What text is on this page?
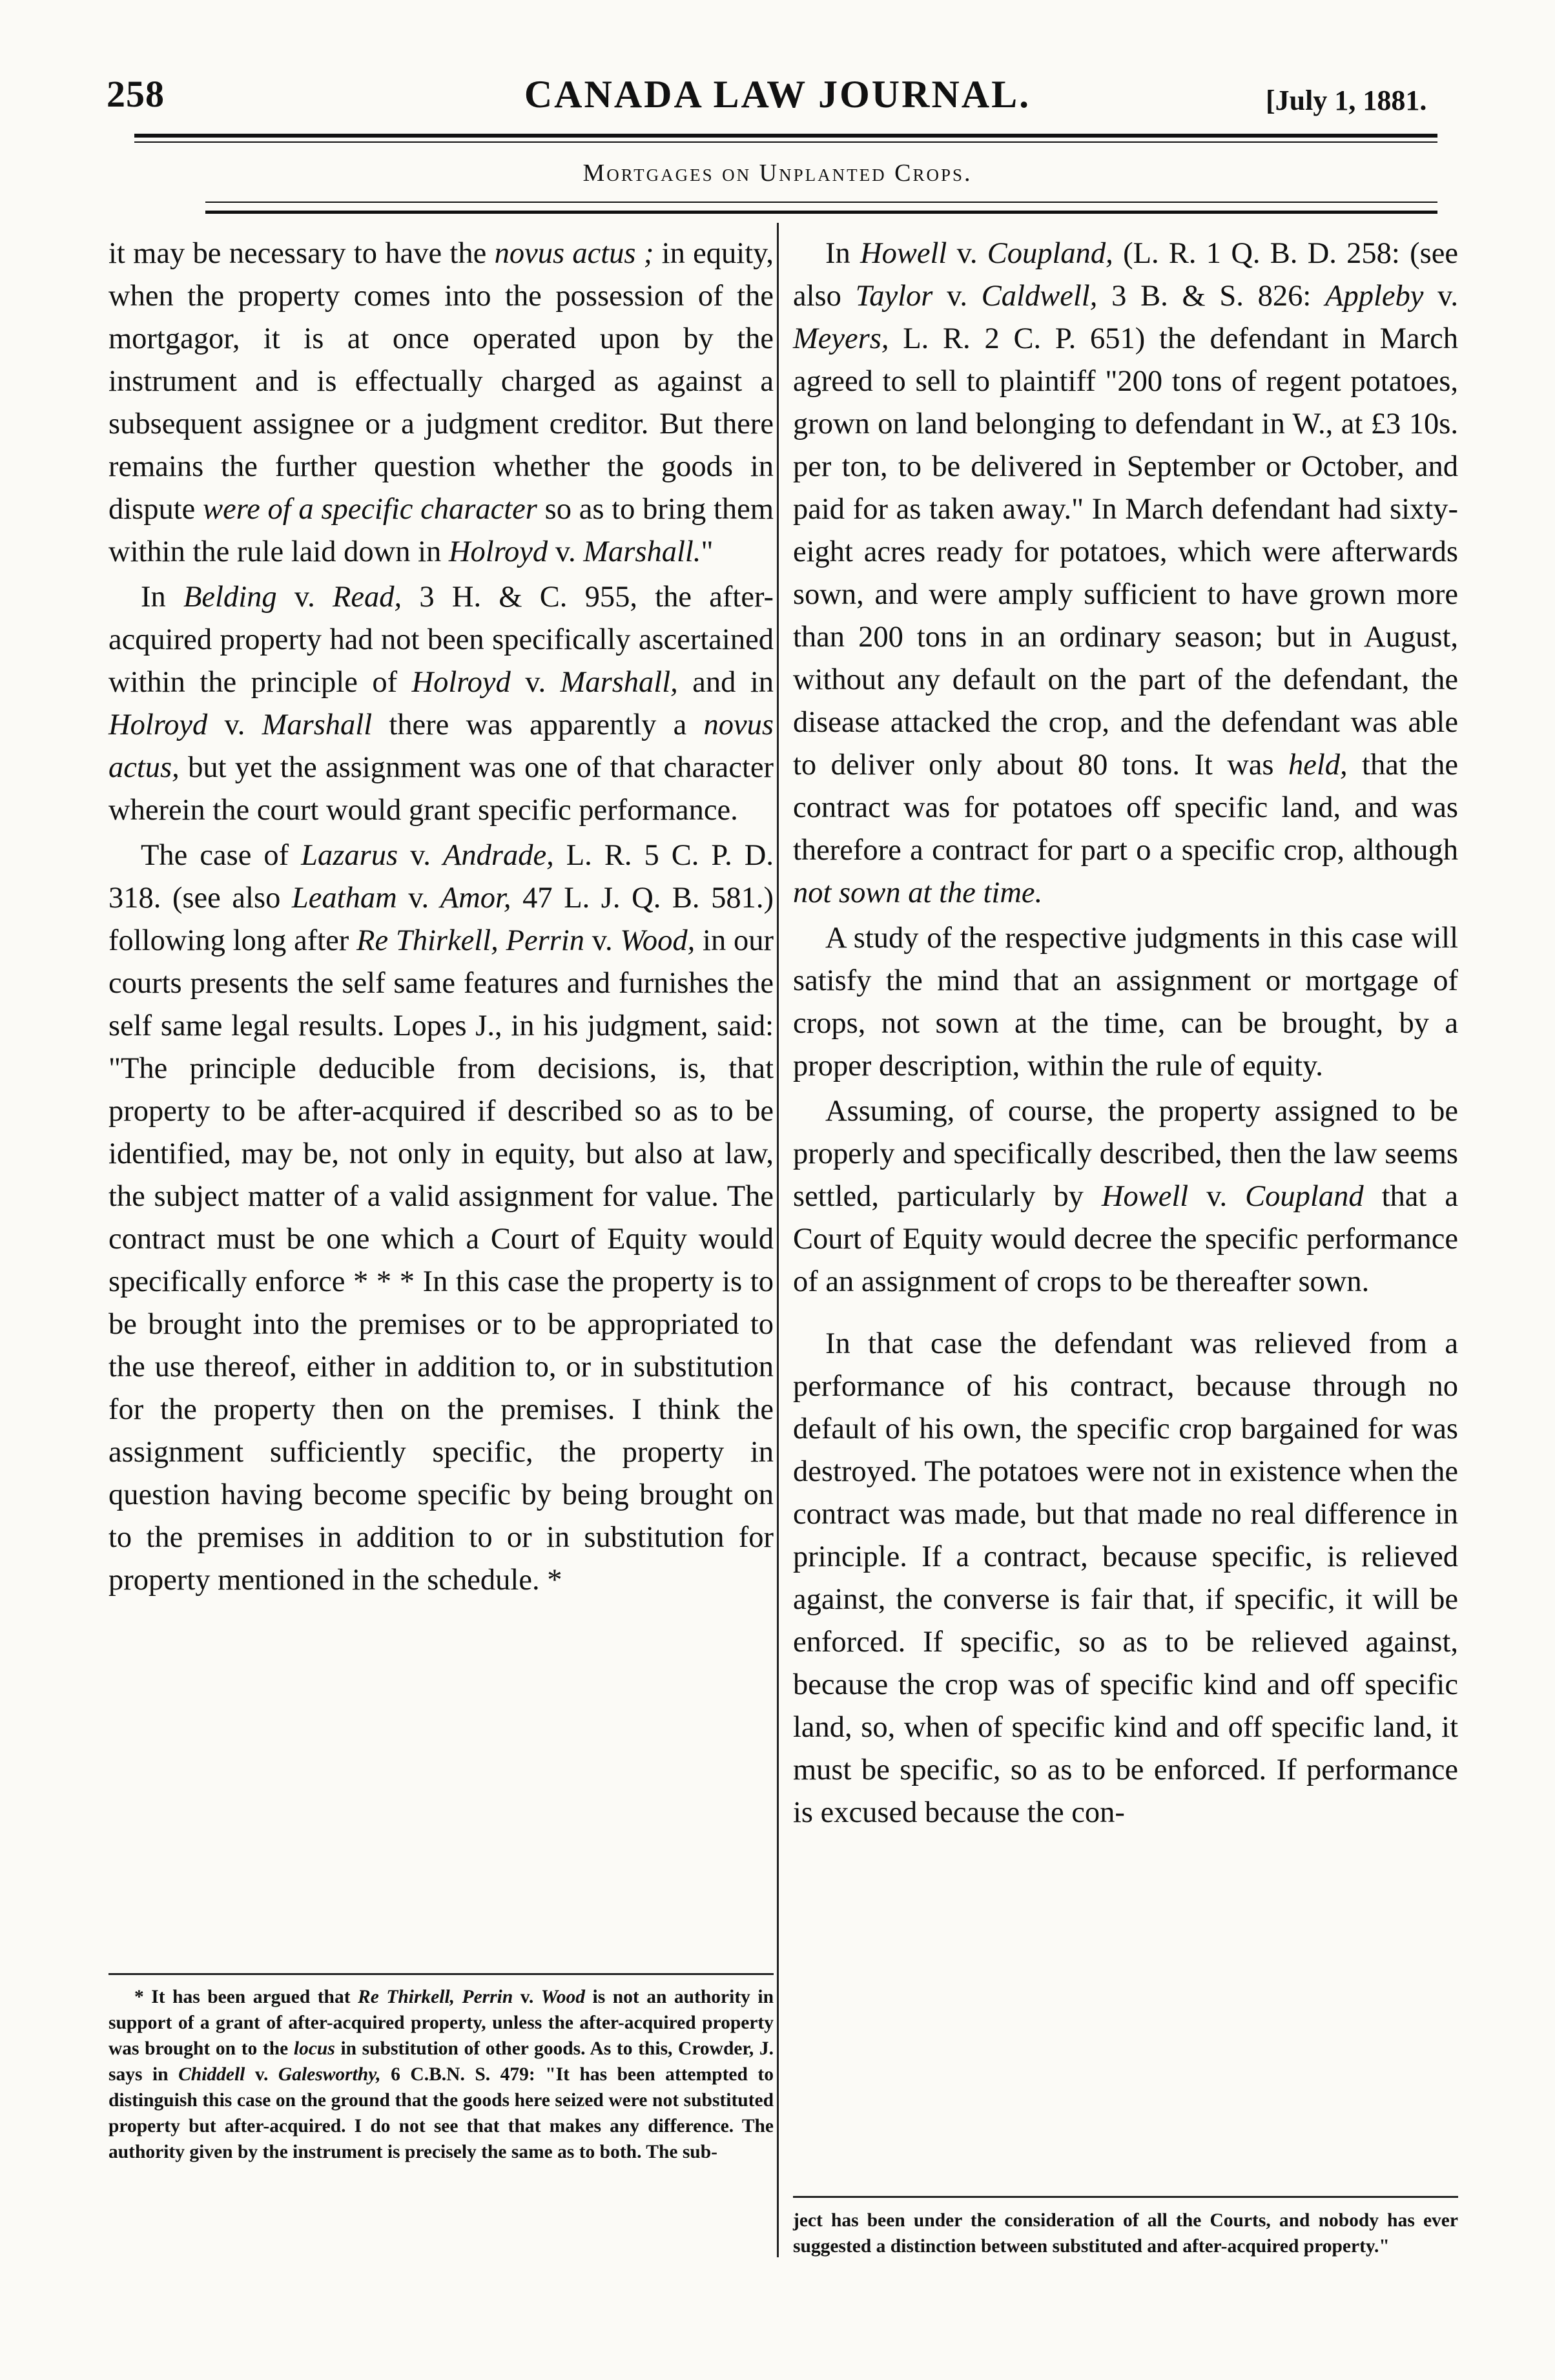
258	CANADA LAW JOURNAL.	[July 1, 1881.
Mortgages on Unplanted Crops.

it may be necessary to have the novus actus ; in equity, when the property comes into the possession of the mortgagor, it is at once operated upon by the instrument and is effectually charged as against a subsequent assignee or a judgment creditor. But there remains the further question whether the goods in dispute were of a specific character so as to bring them within the rule laid down in Holroyd v. Marshall."

In Belding v. Read, 3 H. & C. 955, the after-acquired property had not been specifically ascertained within the principle of Holroyd v. Marshall, and in Holroyd v. Marshall there was apparently a novus actus, but yet the assignment was one of that character wherein the court would grant specific performance.

The case of Lazarus v. Andrade, L. R. 5 C. P. D. 318. (see also Leatham v. Amor, 47 L. J. Q. B. 581.) following long after Re Thirkell, Perrin v. Wood, in our courts presents the self same features and furnishes the self same legal results. Lopes J., in his judgment, said: "The principle deducible from decisions, is, that property to be after-acquired if described so as to be identified, may be, not only in equity, but also at law, the subject matter of a valid assignment for value. The contract must be one which a Court of Equity would specifically enforce * * * In this case the property is to be brought into the premises or to be appropriated to the use thereof, either in addition to, or in substitution for the property then on the premises. I think the assignment sufficiently specific, the property in question having become specific by being brought on to the premises in addition to or in substitution for property mentioned in the schedule. *

In Howell v. Coupland, (L. R. 1 Q. B. D. 258: (see also Taylor v. Caldwell, 3 B. & S. 826: Appleby v. Meyers, L. R. 2 C. P. 651) the defendant in March agreed to sell to plaintiff "200 tons of regent potatoes, grown on land belonging to defendant in W., at £3 10s. per ton, to be delivered in September or October, and paid for as taken away." In March defendant had sixty-eight acres ready for potatoes, which were afterwards sown, and were amply sufficient to have grown more than 200 tons in an ordinary season; but in August, without any default on the part of the defendant, the disease attacked the crop, and the defendant was able to deliver only about 80 tons. It was held, that the contract was for potatoes off specific land, and was therefore a contract for part o a specific crop, although not sown at the time.

A study of the respective judgments in this case will satisfy the mind that an assignment or mortgage of crops, not sown at the time, can be brought, by a proper description, within the rule of equity.

Assuming, of course, the property assigned to be properly and specifically described, then the law seems settled, particularly by Howell v. Coupland that a Court of Equity would decree the specific performance of an assignment of crops to be thereafter sown.

In that case the defendant was relieved from a performance of his contract, because through no default of his own, the specific crop bargained for was destroyed. The potatoes were not in existence when the contract was made, but that made no real difference in principle. If a contract, because specific, is relieved against, the converse is fair that, if specific, it will be enforced. If specific, so as to be relieved against, because the crop was of specific kind and off specific land, so, when of specific kind and off specific land, it must be specific, so as to be enforced. If performance is excused because the con-

* It has been argued that Re Thirkell, Perrin v. Wood is not an authority in support of a grant of after-acquired property, unless the after-acquired property was brought on to the locus in substitution of other goods. As to this, Crowder, J. says in Chiddell v. Galesworthy, 6 C.B.N. S. 479: "It has been attempted to distinguish this case on the ground that the goods here seized were not substituted property but after-acquired. I do not see that that makes any difference. The authority given by the instrument is precisely the same as to both. The sub-

ject has been under the consideration of all the Courts, and nobody has ever suggested a distinction between substituted and after-acquired property."
